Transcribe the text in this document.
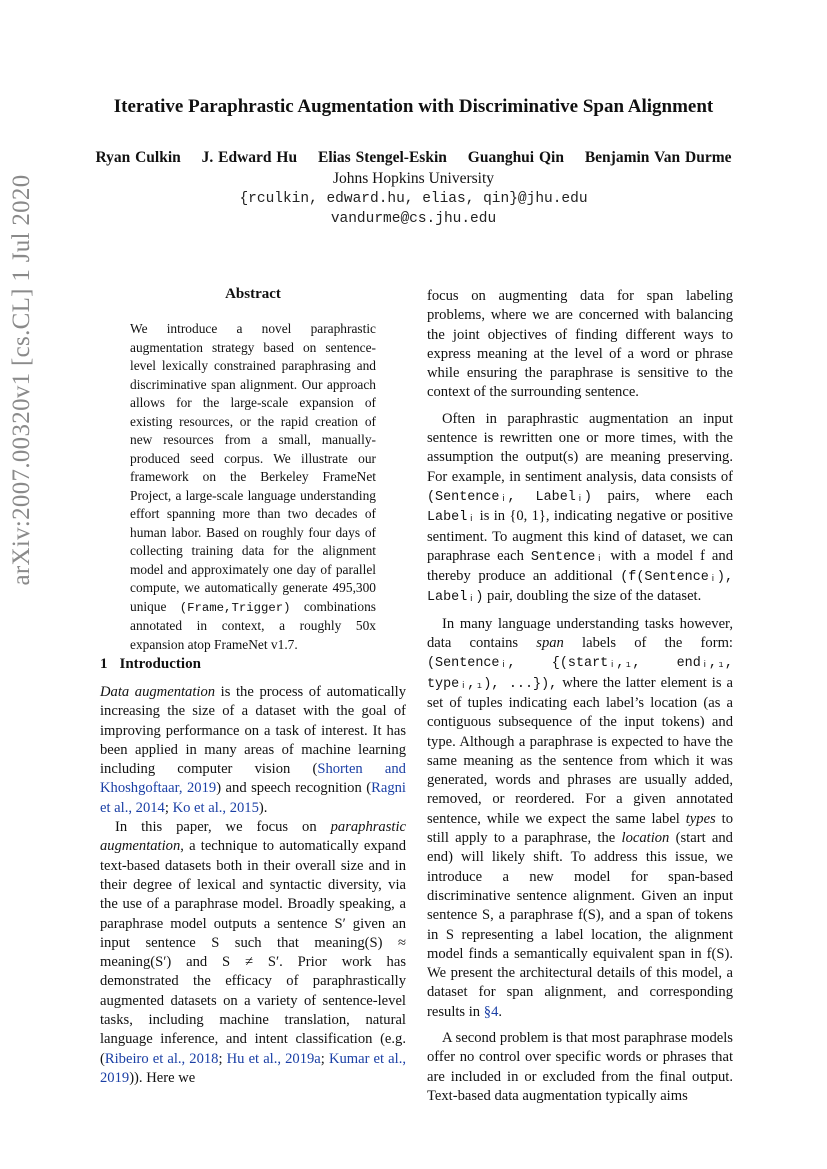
arXiv:2007.00320v1 [cs.CL] 1 Jul 2020
Iterative Paraphrastic Augmentation with Discriminative Span Alignment
Ryan Culkin J. Edward Hu Elias Stengel-Eskin Guanghui Qin Benjamin Van Durme
Johns Hopkins University
{rculkin, edward.hu, elias, qin}@jhu.edu
vandurme@cs.jhu.edu
Abstract
We introduce a novel paraphrastic augmentation strategy based on sentence-level lexically constrained paraphrasing and discriminative span alignment. Our approach allows for the large-scale expansion of existing resources, or the rapid creation of new resources from a small, manually-produced seed corpus. We illustrate our framework on the Berkeley FrameNet Project, a large-scale language understanding effort spanning more than two decades of human labor. Based on roughly four days of collecting training data for the alignment model and approximately one day of parallel compute, we automatically generate 495,300 unique (Frame,Trigger) combinations annotated in context, a roughly 50x expansion atop FrameNet v1.7.
1 Introduction

Data augmentation is the process of automatically increasing the size of a dataset with the goal of improving performance on a task of interest. It has been applied in many areas of machine learning including computer vision (Shorten and Khoshgoftaar, 2019) and speech recognition (Ragni et al., 2014; Ko et al., 2015).

In this paper, we focus on paraphrastic augmentation, a technique to automatically expand text-based datasets both in their overall size and in their degree of lexical and syntactic diversity, via the use of a paraphrase model. Broadly speaking, a paraphrase model outputs a sentence S′ given an input sentence S such that meaning(S) ≈ meaning(S′) and S ≠ S′. Prior work has demonstrated the efficacy of paraphrastically augmented datasets on a variety of sentence-level tasks, including machine translation, natural language inference, and intent classification (e.g. (Ribeiro et al., 2018; Hu et al., 2019a; Kumar et al., 2019)). Here we

focus on augmenting data for span labeling problems, where we are concerned with balancing the joint objectives of finding different ways to express meaning at the level of a word or phrase while ensuring the paraphrase is sensitive to the context of the surrounding sentence.

Often in paraphrastic augmentation an input sentence is rewritten one or more times, with the assumption the output(s) are meaning preserving. For example, in sentiment analysis, data consists of (Sentenceᵢ, Labelᵢ) pairs, where each Labelᵢ is in {0, 1}, indicating negative or positive sentiment. To augment this kind of dataset, we can paraphrase each Sentenceᵢ with a model f and thereby produce an additional (f(Sentenceᵢ), Labelᵢ) pair, doubling the size of the dataset.

In many language understanding tasks however, data contains span labels of the form: (Sentenceᵢ, {(startᵢ,₁, endᵢ,₁, typeᵢ,₁), ...}), where the latter element is a set of tuples indicating each label’s location (as a contiguous subsequence of the input tokens) and type. Although a paraphrase is expected to have the same meaning as the sentence from which it was generated, words and phrases are usually added, removed, or reordered. For a given annotated sentence, while we expect the same label types to still apply to a paraphrase, the location (start and end) will likely shift. To address this issue, we introduce a new model for span-based discriminative sentence alignment. Given an input sentence S, a paraphrase f(S), and a span of tokens in S representing a label location, the alignment model finds a semantically equivalent span in f(S). We present the architectural details of this model, a dataset for span alignment, and corresponding results in §4.

A second problem is that most paraphrase models offer no control over specific words or phrases that are included in or excluded from the final output. Text-based data augmentation typically aims
